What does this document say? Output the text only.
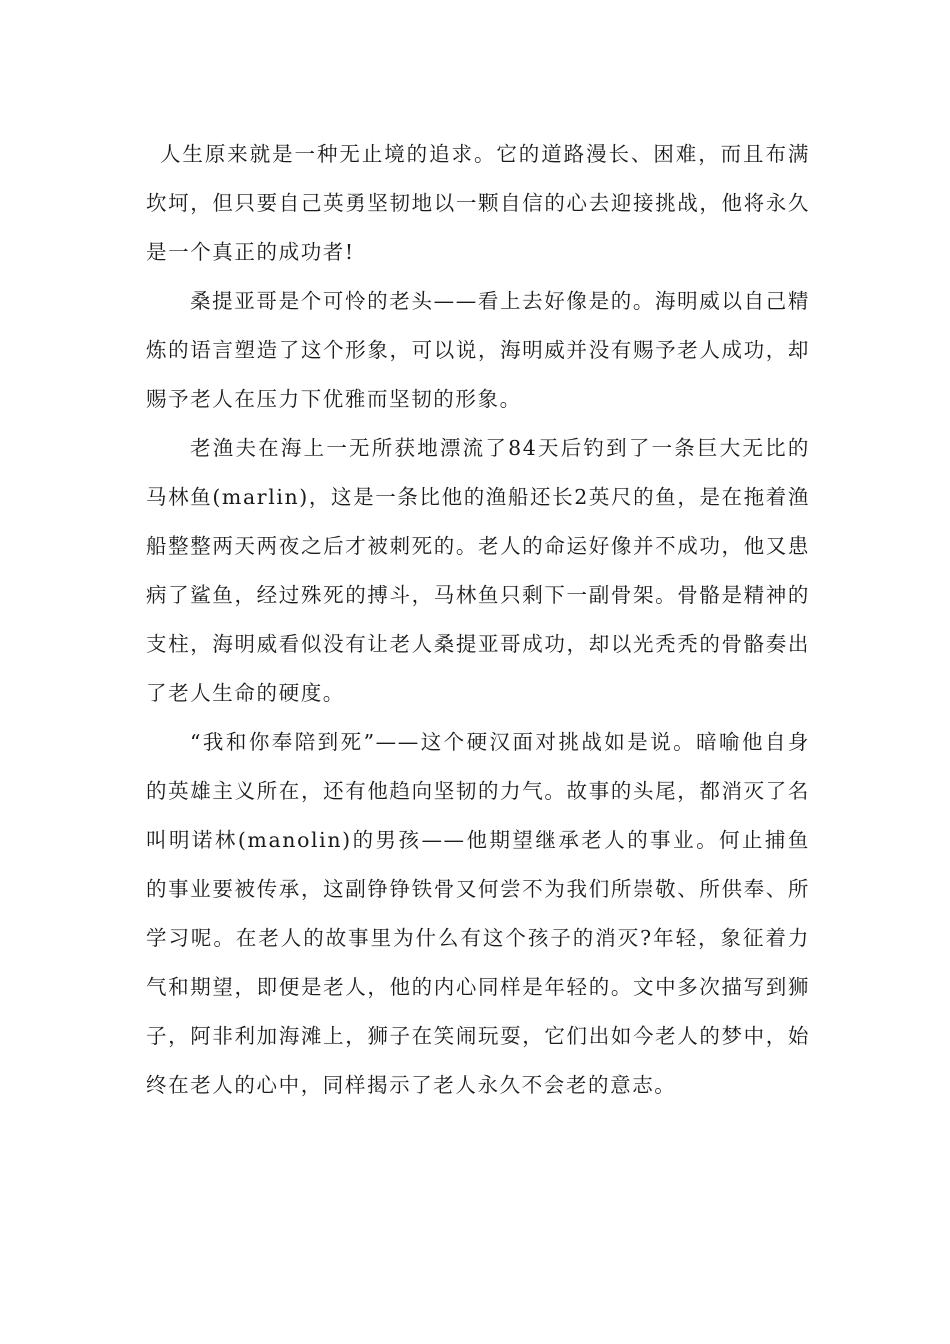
人生原来就是一种无止境的追求。它的道路漫长、困难，而且布满坎坷，但只要自己英勇坚韧地以一颗自信的心去迎接挑战，他将永久是一个真正的成功者!

桑提亚哥是个可怜的老头——看上去好像是的。海明威以自己精炼的语言塑造了这个形象，可以说，海明威并没有赐予老人成功，却赐予老人在压力下优雅而坚韧的形象。

老渔夫在海上一无所获地漂流了84天后钓到了一条巨大无比的马林鱼(marlin)，这是一条比他的渔船还长2英尺的鱼，是在拖着渔船整整两天两夜之后才被刺死的。老人的命运好像并不成功，他又患病了鲨鱼，经过殊死的搏斗，马林鱼只剩下一副骨架。骨骼是精神的支柱，海明威看似没有让老人桑提亚哥成功，却以光秃秃的骨骼奏出了老人生命的硬度。

“我和你奉陪到死”——这个硬汉面对挑战如是说。暗喻他自身的英雄主义所在，还有他趋向坚韧的力气。故事的头尾，都消灭了名叫明诺林(manolin)的男孩——他期望继承老人的事业。何止捕鱼的事业要被传承，这副铮铮铁骨又何尝不为我们所崇敬、所供奉、所学习呢。在老人的故事里为什么有这个孩子的消灭?年轻，象征着力气和期望，即便是老人，他的内心同样是年轻的。文中多次描写到狮子，阿非利加海滩上，狮子在笑闹玩耍，它们出如今老人的梦中，始终在老人的心中，同样揭示了老人永久不会老的意志。
